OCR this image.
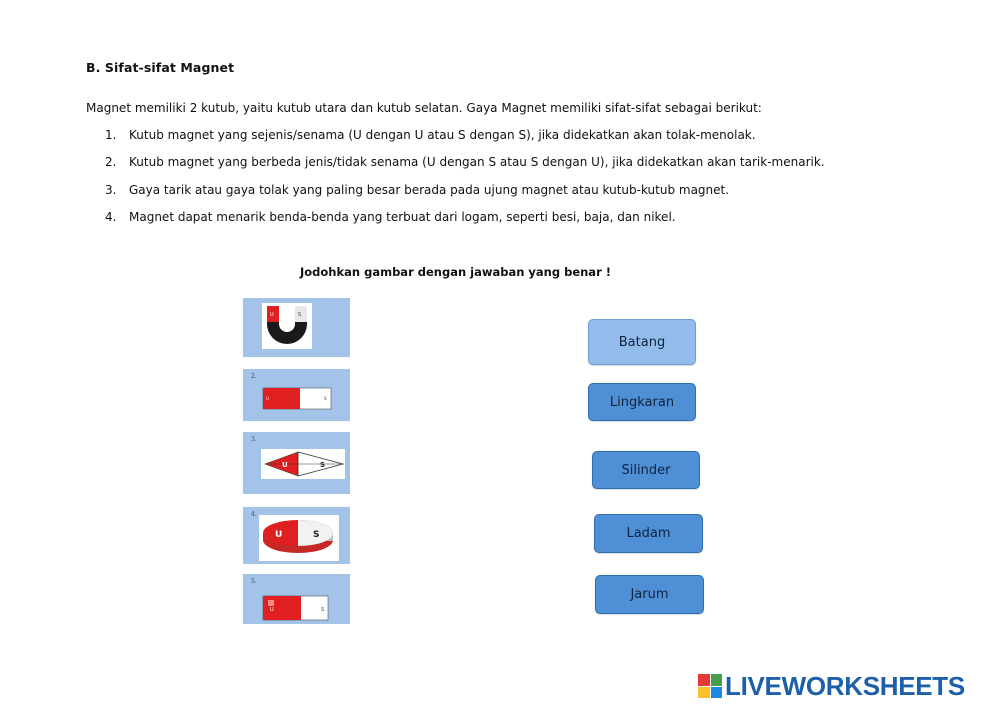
B. Sifat-sifat Magnet
Magnet memiliki 2 kutub, yaitu kutub utara dan kutub selatan. Gaya Magnet memiliki sifat-sifat sebagai berikut:
1.	Kutub magnet yang sejenis/senama (U dengan U atau S dengan S), jika didekatkan akan tolak-menolak.
2.	Kutub magnet yang berbeda jenis/tidak senama (U dengan S atau S dengan U), jika didekatkan akan tarik-menarik.
3.	Gaya tarik atau gaya tolak yang paling besar berada pada ujung magnet atau kutub-kutub magnet.
4.	Magnet dapat menarik benda-benda yang terbuat dari logam, seperti besi, baja, dan nikel.
Jodohkan gambar dengan jawaban yang benar !
U	S
2.
U	S
3.
U	S
4.
U	S
5.
U	S
Batang
Lingkaran
Silinder
Ladam
Jarum
LIVEWORKSHEETS
